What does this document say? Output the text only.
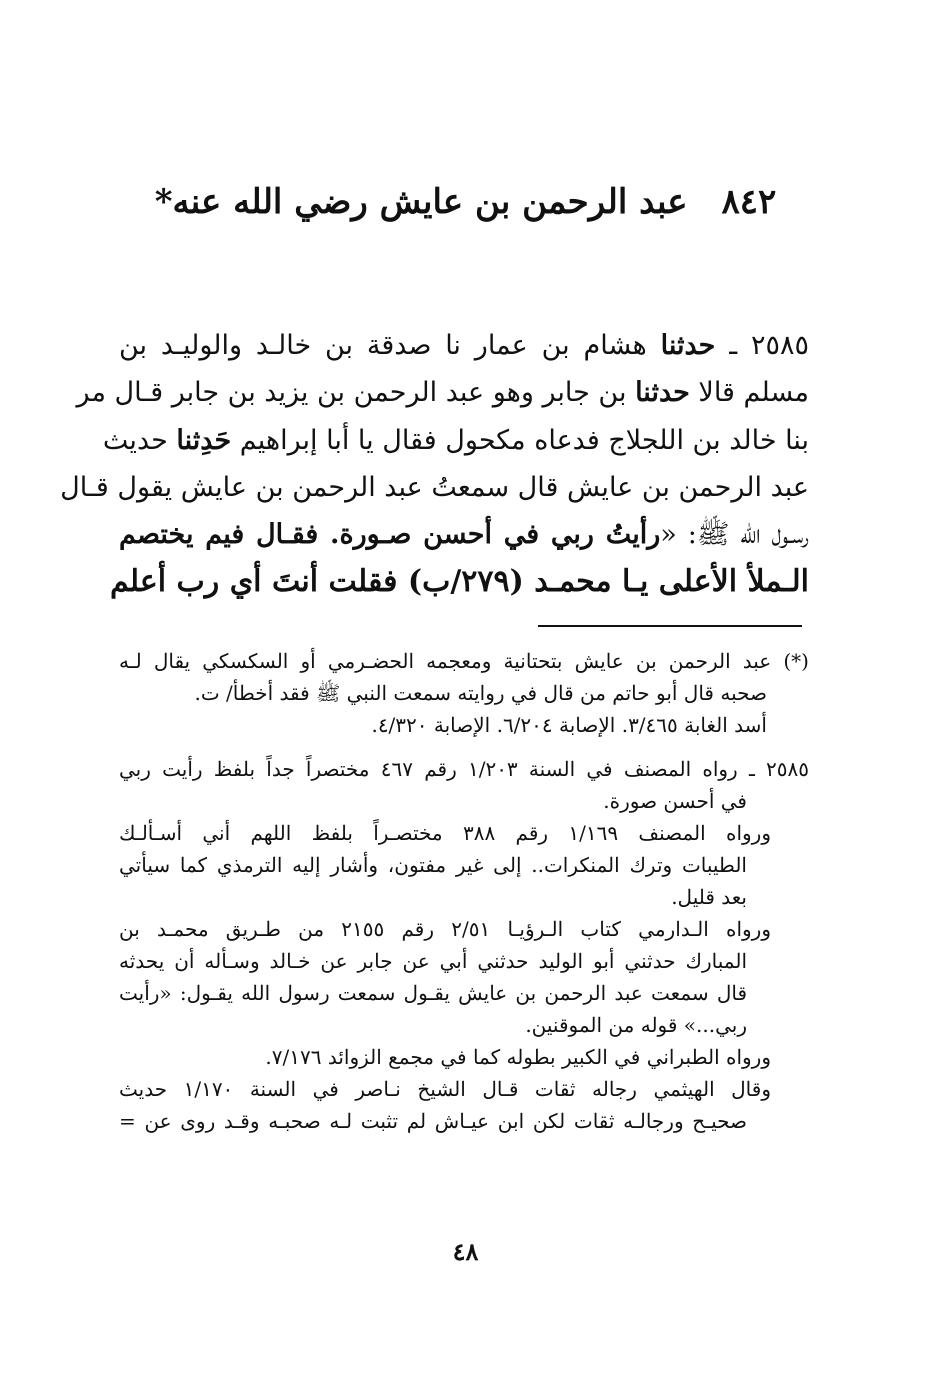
٨٤٢عبد الرحمن بن عايش رضي الله عنه*
٢٥٨٥ ـ حدثنا هشام بن عمار نا صدقة بن خالـد والوليـد بن
مسلم قالا حدثنا بن جابر وهو عبد الرحمن بن يزيد بن جابر قـال مر
بنا خالد بن اللجلاج فدعاه مكحول فقال يا أبا إبراهيم حَدِثنا حديث
عبد الرحمن بن عايش قال سمعتُ عبد الرحمن بن عايش يقول قـال
رسـول الله ﷺ: «رأيتُ ربي في أحسن صـورة. فقـال فيم يختصم
الـملأ الأعلى يـا محمـد (٢٧٩/ب) فقلت أنتَ أي رب أعلم
(*) عبد الرحمن بن عايش بتحتانية ومعجمه الحضـرمي أو السكسكي يقال لـه
صحبه قال أبو حاتم من قال في روايته سمعت النبي ﷺ فقد أخطأ/ ت.
أسد الغابة ٣/٤٦٥. الإصابة ٦/٢٠٤. الإصابة ٤/٣٢٠.
٢٥٨٥ ـ رواه المصنف في السنة ١/٢٠٣ رقم ٤٦٧ مختصراً جداً بلفظ رأيت ربي
في أحسن صورة.
ورواه المصنف ١/١٦٩ رقم ٣٨٨ مختصـراً بلفظ اللهم أني أسـألـك
الطيبات وترك المنكرات.. إلى غير مفتون، وأشار إليه الترمذي كما سيأتي
بعد قليل.
ورواه الـدارمي كتاب الـرؤيـا ٢/٥١ رقم ٢١٥٥ من طـريق محمـد بن
المبارك حدثني أبو الوليد حدثني أبي عن جابر عن خـالد وسـأله أن يحدثه
قال سمعت عبد الرحمن بن عايش يقـول سمعت رسول الله يقـول: «رأيت
ربي...» قوله من الموقنين.
ورواه الطبراني في الكبير بطوله كما في مجمع الزوائد ٧/١٧٦.
وقال الهيثمي رجاله ثقات قـال الشيخ نـاصر في السنة ١/١٧٠ حديث
صحيـح ورجالـه ثقات لكن ابن عيـاش لم تثبت لـه صحبـه وقـد روى عن =
٤٨
